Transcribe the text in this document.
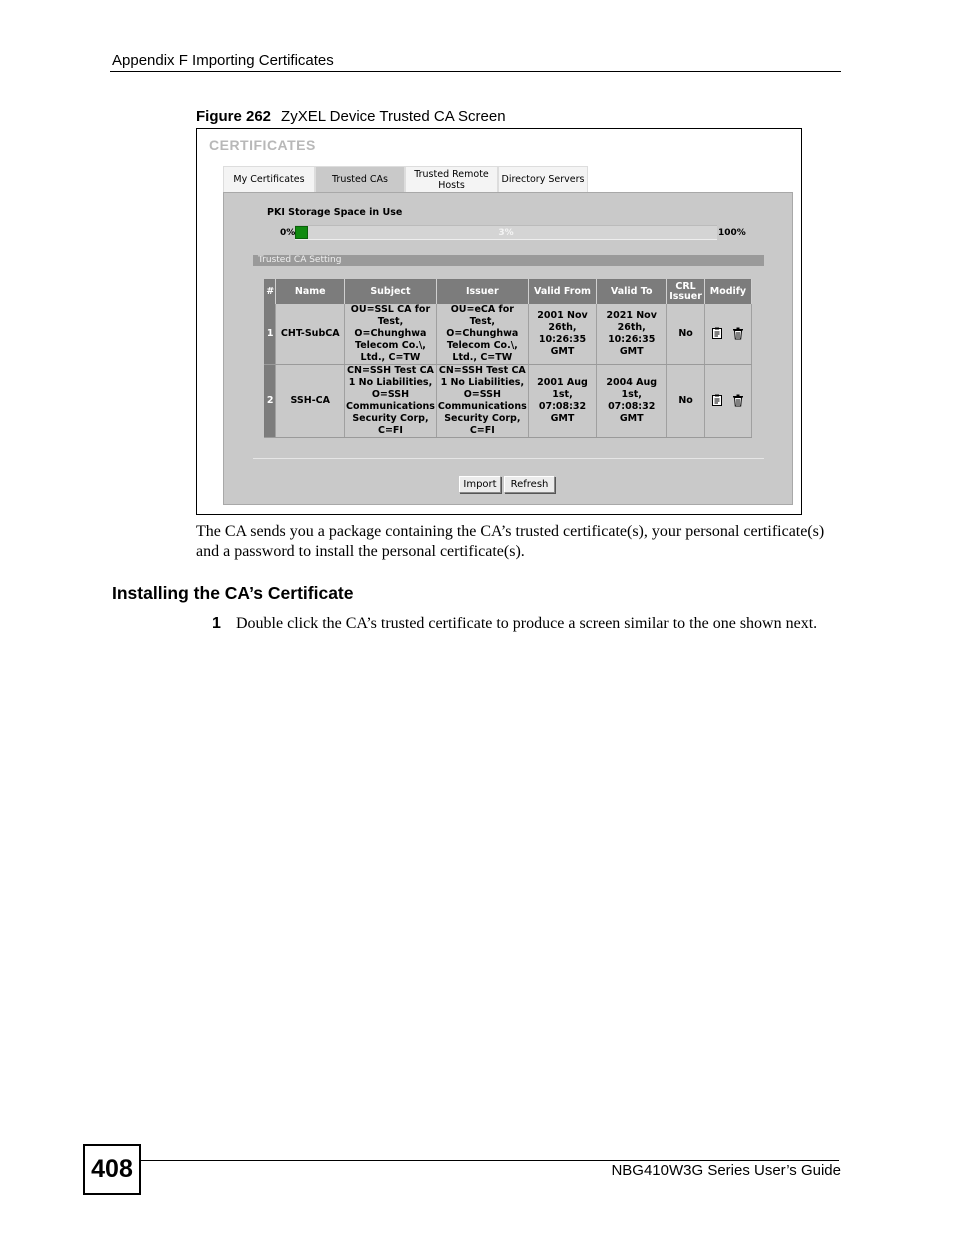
Appendix F Importing Certificates
Figure 262 ZyXEL Device Trusted CA Screen
CERTIFICATES
My Certificates	Trusted CAs	Trusted Remote Hosts	Directory Servers
PKI Storage Space in Use
0%	3%	100%
Trusted CA Setting
#	Name	Subject	Issuer	Valid From	Valid To	CRL Issuer	Modify
1	CHT-SubCA	OU=SSL CA for Test, O=Chunghwa Telecom Co.\, Ltd., C=TW	OU=eCA for Test, O=Chunghwa Telecom Co.\, Ltd., C=TW	2001 Nov 26th, 10:26:35 GMT	2021 Nov 26th, 10:26:35 GMT	No	

2	SSH-CA	CN=SSH Test CA 1 No Liabilities, O=SSH Communications Security Corp, C=FI	CN=SSH Test CA 1 No Liabilities, O=SSH Communications Security Corp, C=FI	2001 Aug 1st, 07:08:32 GMT	2004 Aug 1st, 07:08:32 GMT	No	
Import	Refresh
The CA sends you a package containing the CA’s trusted certificate(s), your personal certificate(s) and a password to install the personal certificate(s).
Installing the CA’s Certificate
1 Double click the CA’s trusted certificate to produce a screen similar to the one shown next.
408	NBG410W3G Series User’s Guide
